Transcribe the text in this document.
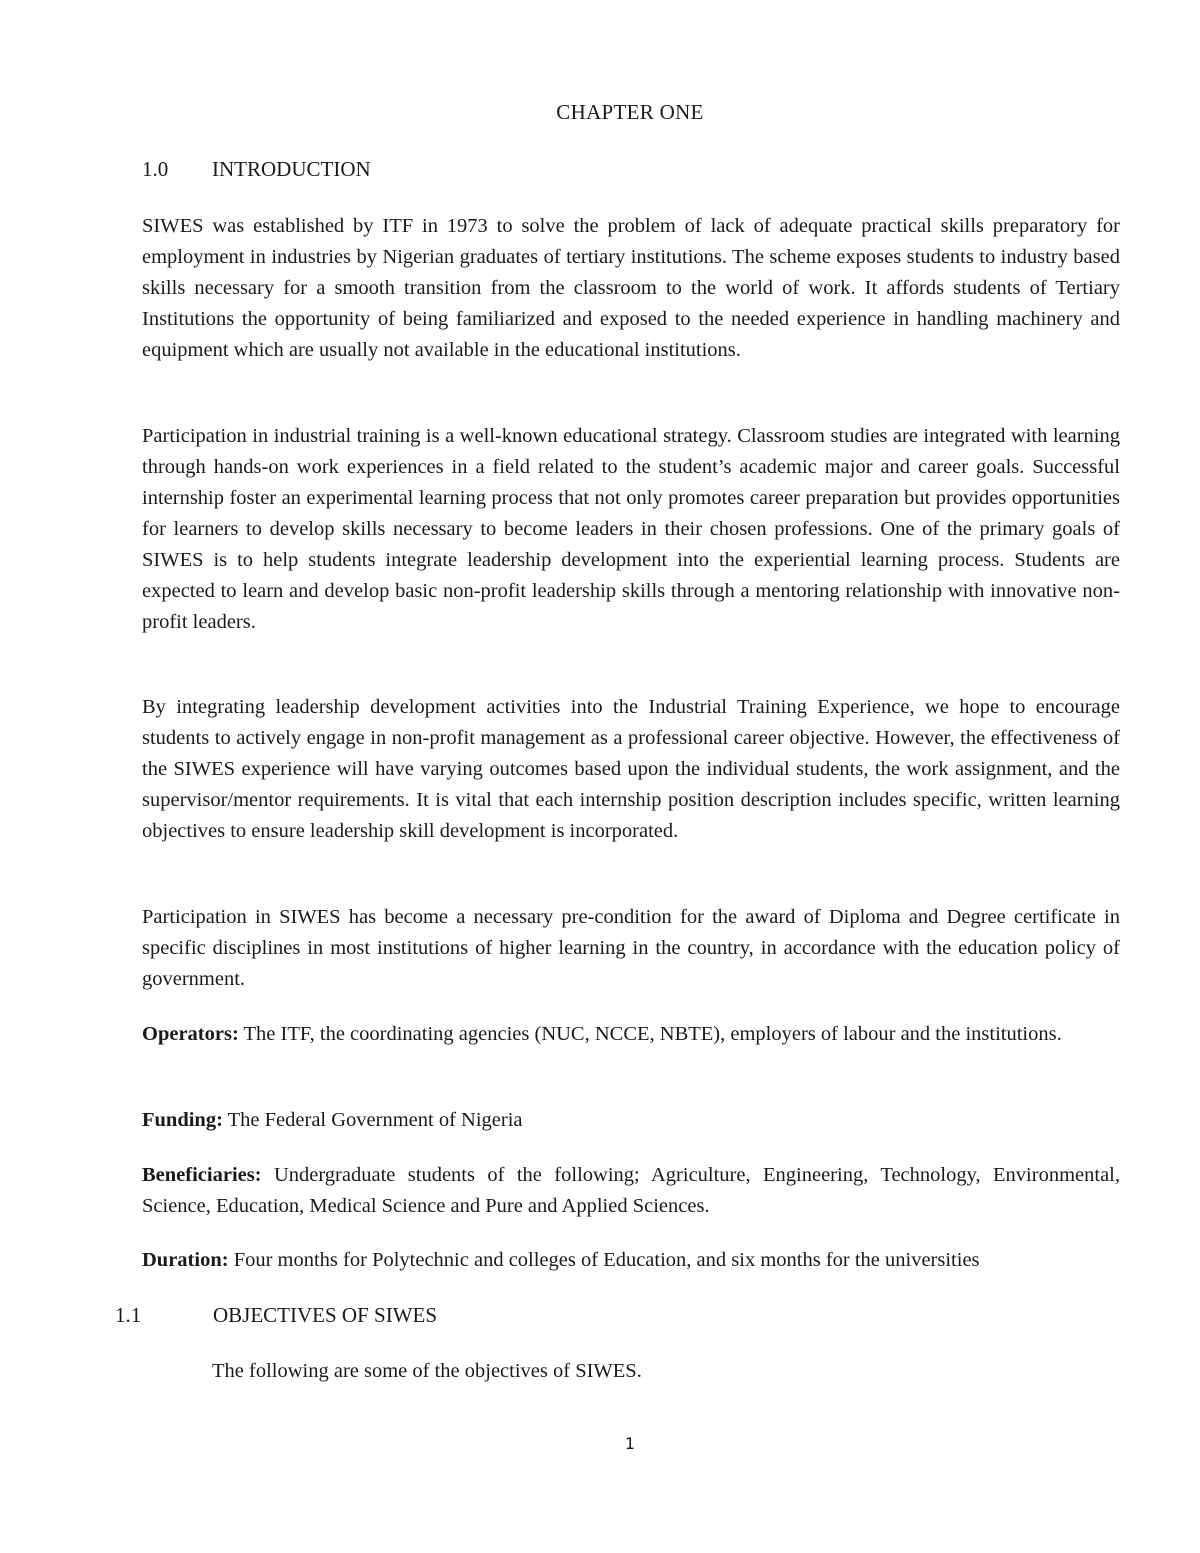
CHAPTER ONE
1.0	INTRODUCTION

SIWES was established by ITF in 1973 to solve the problem of lack of adequate practical skills preparatory for employment in industries by Nigerian graduates of tertiary institutions. The scheme exposes students to industry based skills necessary for a smooth transition from the classroom to the world of work. It affords students of Tertiary Institutions the opportunity of being familiarized and exposed to the needed experience in handling machinery and equipment which are usually not available in the educational institutions.

Participation in industrial training is a well-known educational strategy. Classroom studies are integrated with learning through hands-on work experiences in a field related to the student’s academic major and career goals. Successful internship foster an experimental learning process that not only promotes career preparation but provides opportunities for learners to develop skills necessary to become leaders in their chosen professions. One of the primary goals of SIWES is to help students integrate leadership development into the experiential learning process. Students are expected to learn and develop basic non-profit leadership skills through a mentoring relationship with innovative non-profit leaders.

By integrating leadership development activities into the Industrial Training Experience, we hope to encourage students to actively engage in non-profit management as a professional career objective. However, the effectiveness of the SIWES experience will have varying outcomes based upon the individual students, the work assignment, and the supervisor/mentor requirements. It is vital that each internship position description includes specific, written learning objectives to ensure leadership skill development is incorporated.

Participation in SIWES has become a necessary pre-condition for the award of Diploma and Degree certificate in specific disciplines in most institutions of higher learning in the country, in accordance with the education policy of government.

Operators: The ITF, the coordinating agencies (NUC, NCCE, NBTE), employers of labour and the institutions.

Funding: The Federal Government of Nigeria

Beneficiaries: Undergraduate students of the following; Agriculture, Engineering, Technology, Environmental, Science, Education, Medical Science and Pure and Applied Sciences.

Duration: Four months for Polytechnic and colleges of Education, and six months for the universities

1.1	OBJECTIVES OF SIWES

The following are some of the objectives of SIWES.

1
